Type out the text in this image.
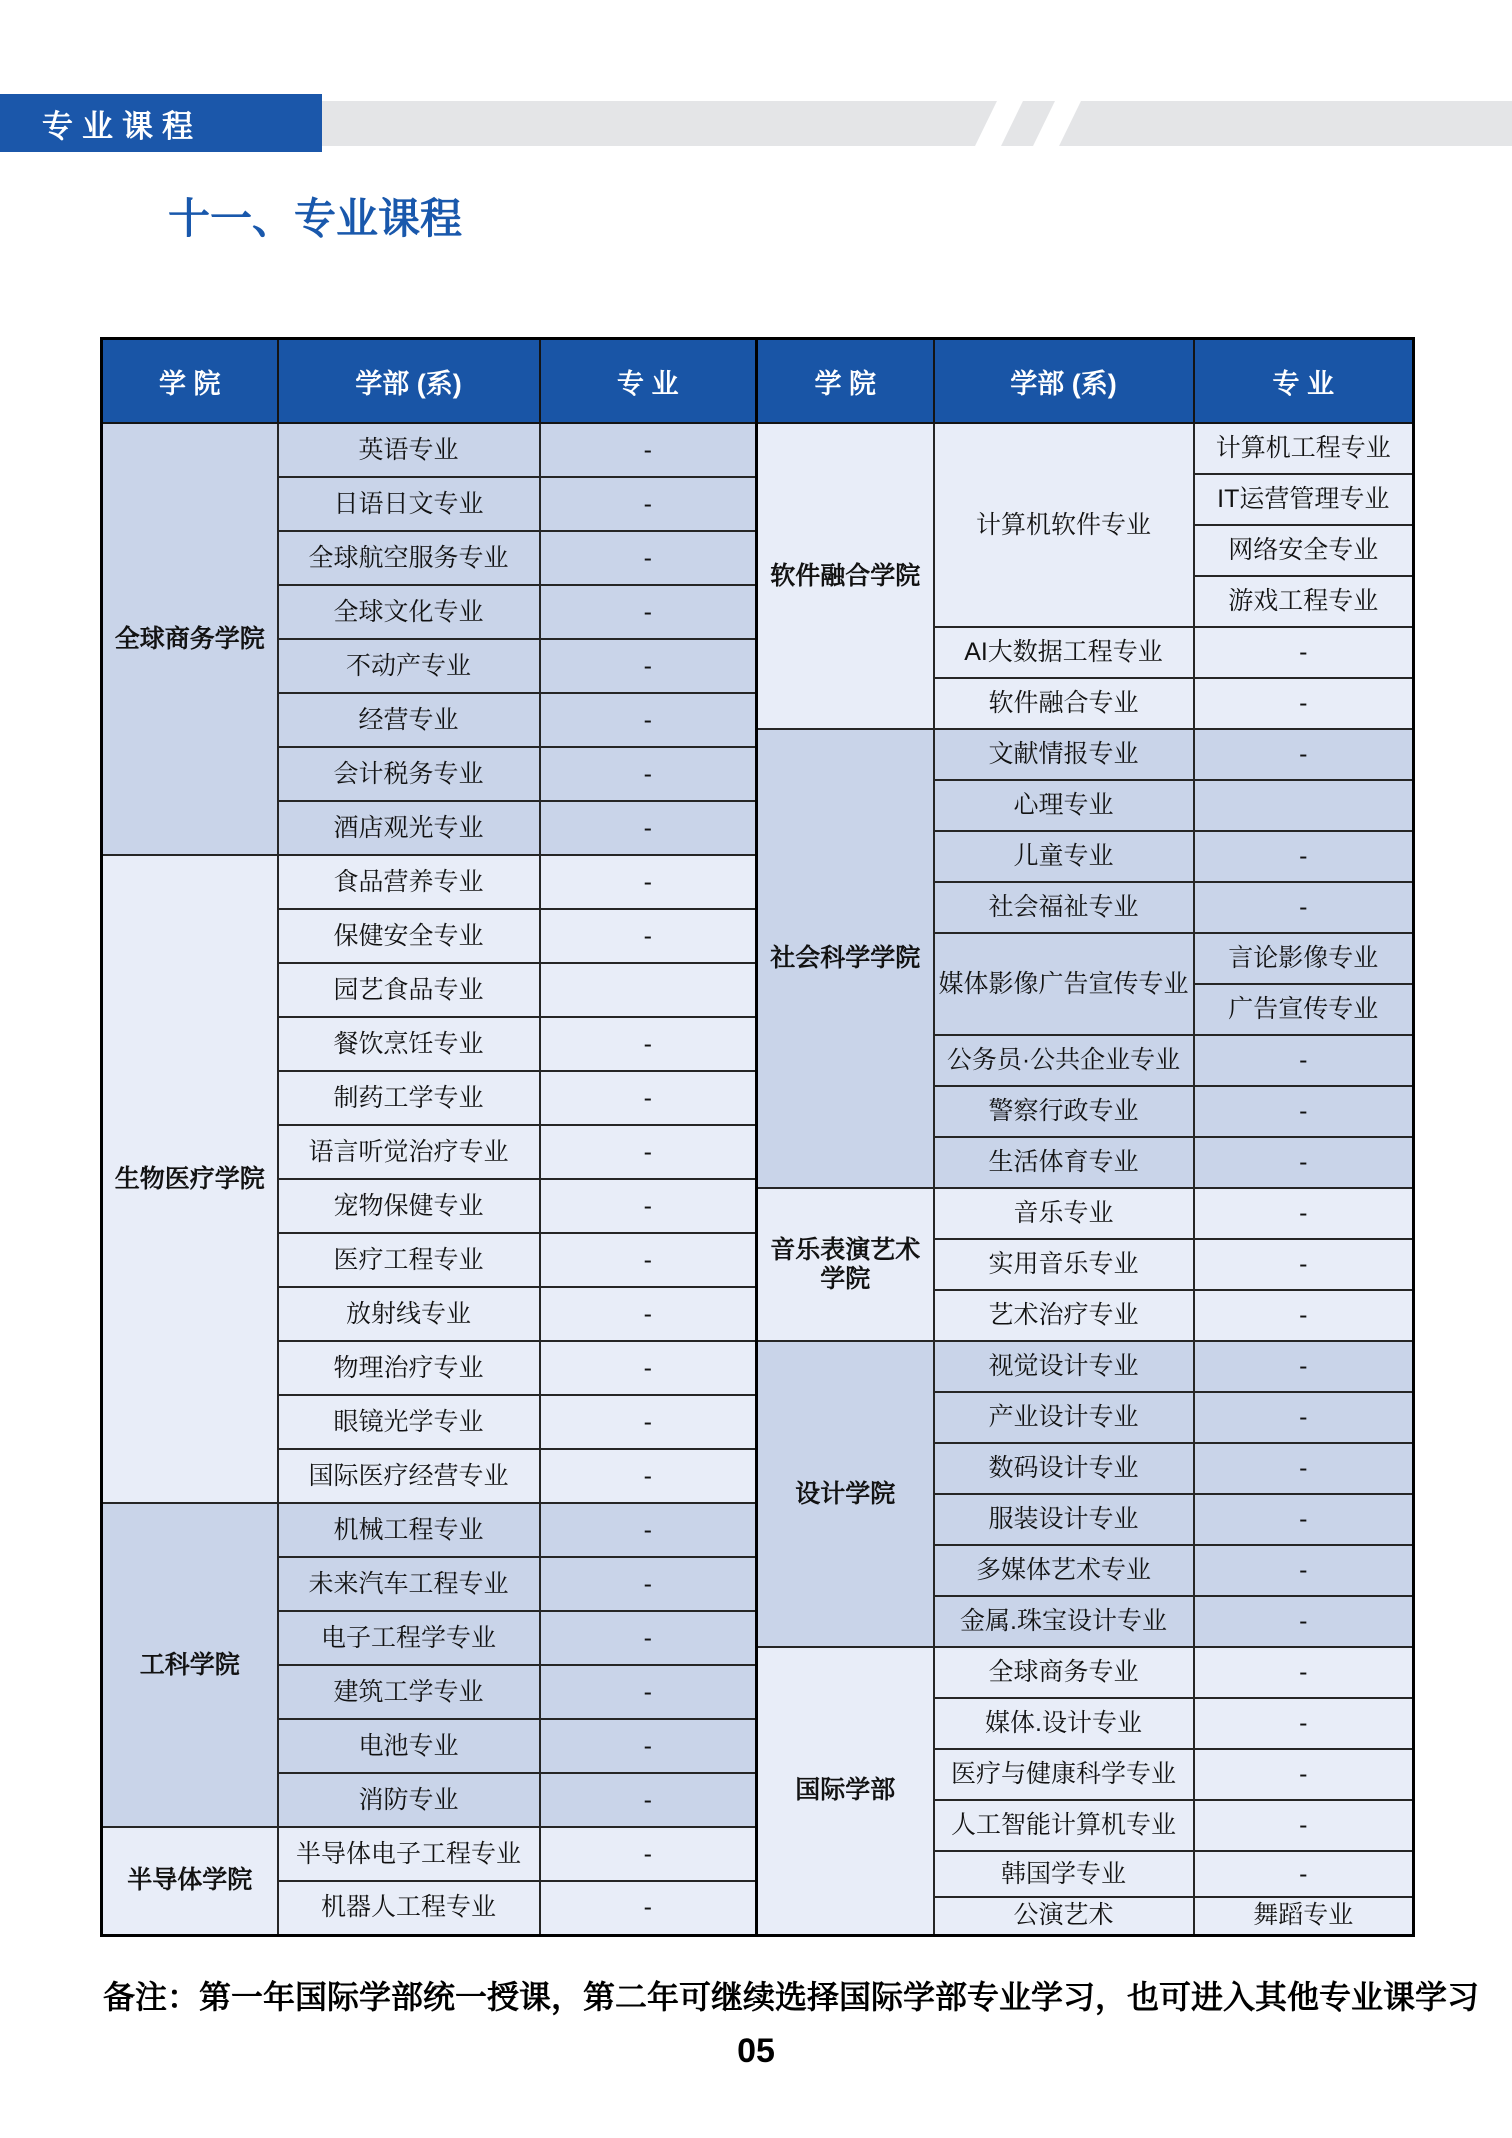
专业课程
十一、专业课程
学 院	学部 (系)	专 业
全球商务学院	英语专业	-
	日语日文专业	-
	全球航空服务专业	-
	全球文化专业	-
	不动产专业	-
	经营专业	-
	会计税务专业	-
	酒店观光专业	-
生物医疗学院	食品营养专业	-
	保健安全专业	-
	园艺食品专业	
	餐饮烹饪专业	-
	制药工学专业	-
	语言听觉治疗专业	-
	宠物保健专业	-
	医疗工程专业	-
	放射线专业	-
	物理治疗专业	-
	眼镜光学专业	-
	国际医疗经营专业	-
工科学院	机械工程专业	-
	未来汽车工程专业	-
	电子工程学专业	-
	建筑工学专业	-
	电池专业	-
	消防专业	-
半导体学院	半导体电子工程专业	-
	机器人工程专业	-
学 院	学部 (系)	专 业
软件融合学院	计算机软件专业	计算机工程专业
		IT运营管理专业
		网络安全专业
		游戏工程专业
	AI大数据工程专业	-
	软件融合专业	-
社会科学学院	文献情报专业	-
	心理专业	
	儿童专业	-
	社会福祉专业	-
	媒体影像广告宣传专业	言论影像专业
		广告宣传专业
	公务员·公共企业专业	-
	警察行政专业	-
	生活体育专业	-
音乐表演艺术学院	音乐专业	-
	实用音乐专业	-
	艺术治疗专业	-
设计学院	视觉设计专业	-
	产业设计专业	-
	数码设计专业	-
	服装设计专业	-
	多媒体艺术专业	-
	金属.珠宝设计专业	-
国际学部	全球商务专业	-
	媒体.设计专业	-
	医疗与健康科学专业	-
	人工智能计算机专业	-
	韩国学专业	-
	公演艺术	舞蹈专业
备注：第一年国际学部统一授课，第二年可继续选择国际学部专业学习，也可进入其他专业课学习
05
